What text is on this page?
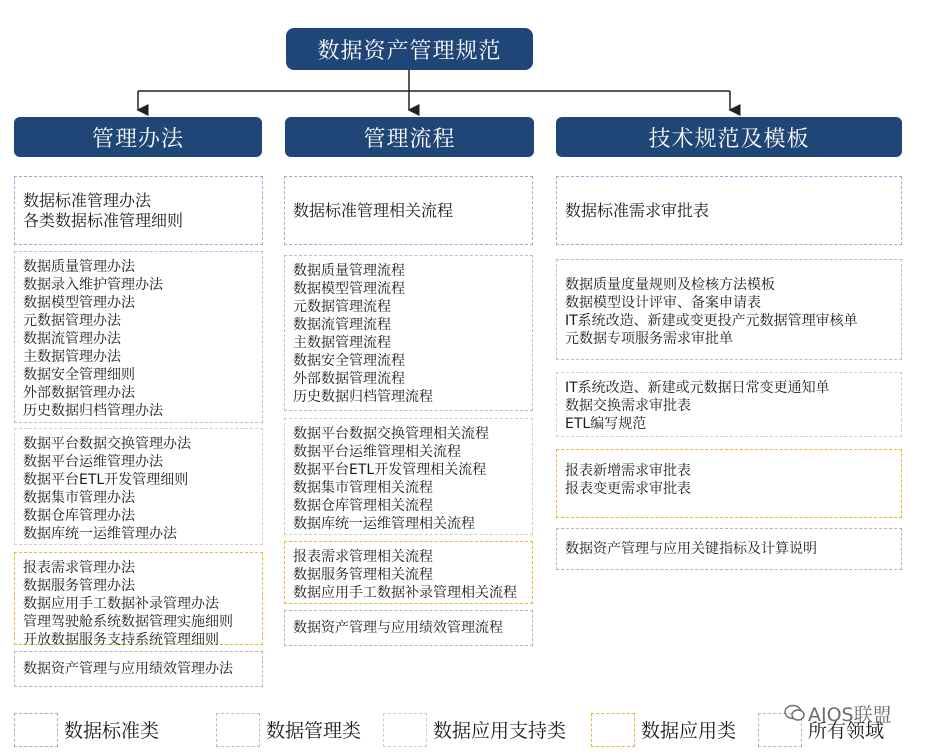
数据资产管理规范
管理办法	管理流程	技术规范及模板
数据标准管理办法
各类数据标准管理细则
数据质量管理办法
数据录入维护管理办法
数据模型管理办法
元数据管理办法
数据流管理办法
主数据管理办法
数据安全管理细则
外部数据管理办法
历史数据归档管理办法
数据平台数据交换管理办法
数据平台运维管理办法
数据平台ETL开发管理细则
数据集市管理办法
数据仓库管理办法
数据库统一运维管理办法
报表需求管理办法
数据服务管理办法
数据应用手工数据补录管理办法
管理驾驶舱系统数据管理实施细则
开放数据服务支持系统管理细则
数据资产管理与应用绩效管理办法
数据标准管理相关流程
数据质量管理流程
数据模型管理流程
元数据管理流程
数据流管理流程
主数据管理流程
数据安全管理流程
外部数据管理流程
历史数据归档管理流程
数据平台数据交换管理相关流程
数据平台运维管理相关流程
数据平台ETL开发管理相关流程
数据集市管理相关流程
数据仓库管理相关流程
数据库统一运维管理相关流程
报表需求管理相关流程
数据服务管理相关流程
数据应用手工数据补录管理相关流程
数据资产管理与应用绩效管理流程
数据标准需求审批表
数据质量度量规则及检核方法模板
数据模型设计评审、备案申请表
IT系统改造、新建或变更投产元数据管理审核单
元数据专项服务需求审批单
IT系统改造、新建或元数据日常变更通知单
数据交换需求审批表
ETL编写规范
报表新增需求审批表
报表变更需求审批表
数据资产管理与应用关键指标及计算说明
数据标准类	数据管理类	数据应用支持类	数据应用类	所有领域
AIOS联盟
